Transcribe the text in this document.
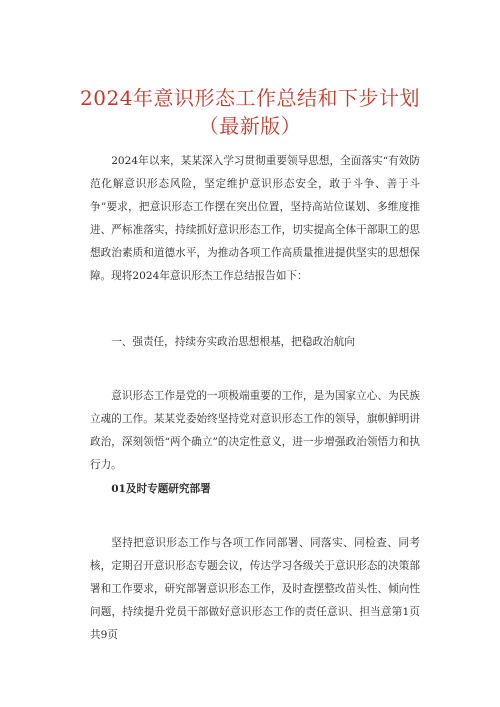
2024年意识形态工作总结和下步计划
（最新版）

2024年以来，某某深入学习贯彻重要领导思想，全面落实“有效防范化解意识形态风险，坚定维护意识形态安全，敢于斗争、善于斗争”要求，把意识形态工作摆在突出位置，坚持高站位谋划、多维度推进、严标准落实，持续抓好意识形态工作，切实提高全体干部职工的思想政治素质和道德水平，为推动各项工作高质量推进提供坚实的思想保障。现将2024年意识形杰工作总结报告如下：

一、强责任，持续夯实政治思想根基，把稳政治航向

意识形态工作是党的一项极端重要的工作，是为国家立心、为民族立魂的工作。某某党委始终坚持党对意识形态工作的领导，旗帜鲜明讲政治，深刻领悟“两个确立”的决定性意义，进一步增强政治领悟力和执行力。

01及时专题研究部署

坚持把意识形态工作与各项工作同部署、同落实、同检查、同考核，定期召开意识形态专题会议，传达学习各级关于意识形态的决策部署和工作要求，研究部署意识形态工作，及时查摆整改苗头性、倾向性问题，持续提升党员干部做好意识形态工作的责任意识、担当意第1页共9页
